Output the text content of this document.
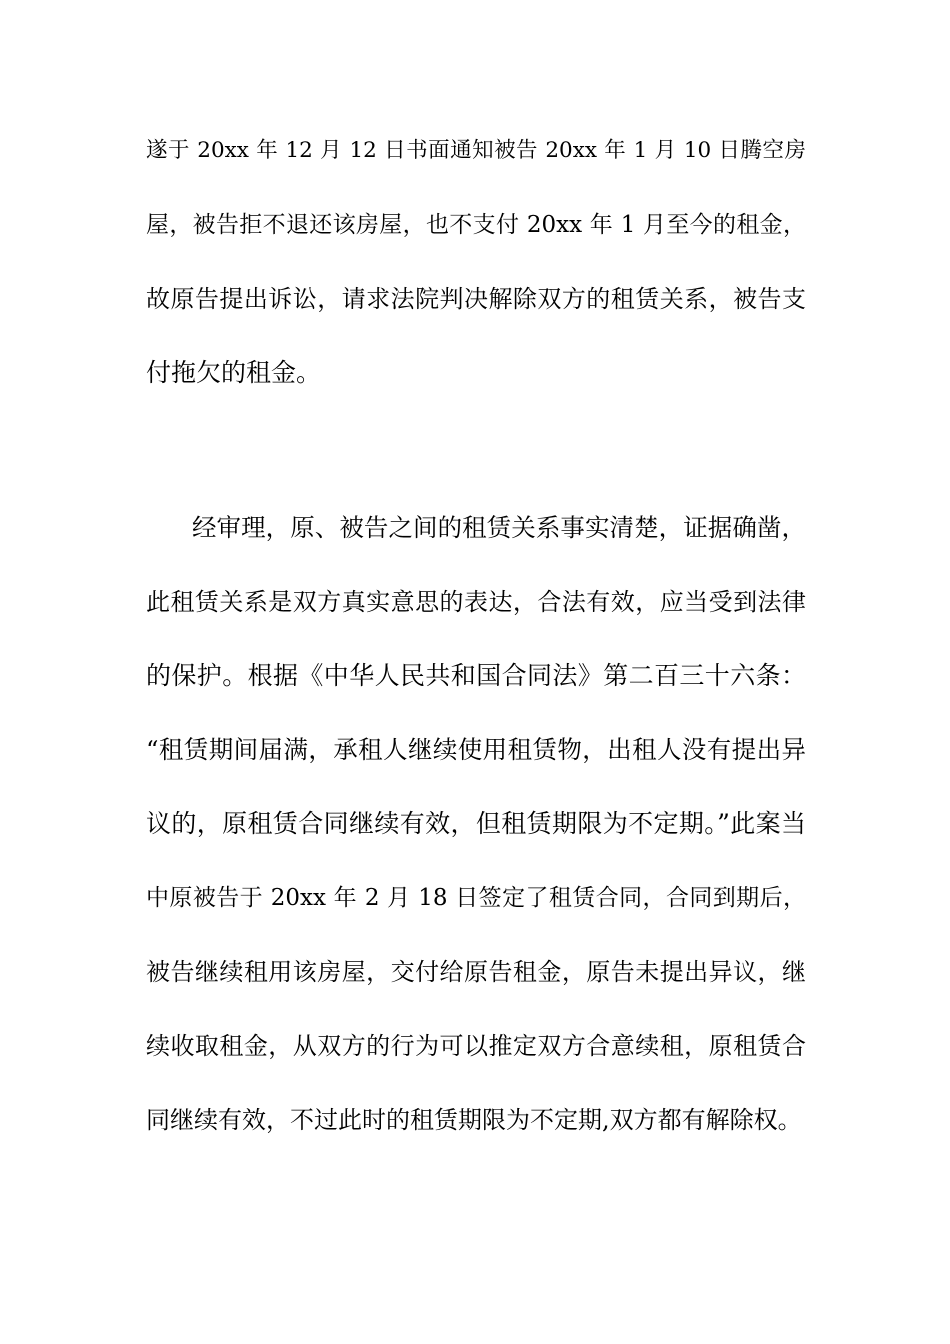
遂于 20xx 年 12 月 12 日书面通知被告 20xx 年 1 月 10 日腾空房
屋，被告拒不退还该房屋，也不支付 20xx 年 1 月至今的租金，
故原告提出诉讼，请求法院判决解除双方的租赁关系，被告支
付拖欠的租金。
经审理，原、被告之间的租赁关系事实清楚，证据确凿，
此租赁关系是双方真实意思的表达，合法有效，应当受到法律
的保护。根据《中华人民共和国合同法》第二百三十六条：
“租赁期间届满，承租人继续使用租赁物，出租人没有提出异
议的，原租赁合同继续有效，但租赁期限为不定期。”此案当
中原被告于 20xx 年 2 月 18 日签定了租赁合同，合同到期后，
被告继续租用该房屋，交付给原告租金，原告未提出异议，继
续收取租金，从双方的行为可以推定双方合意续租，原租赁合
同继续有效，不过此时的租赁期限为不定期,双方都有解除权。
